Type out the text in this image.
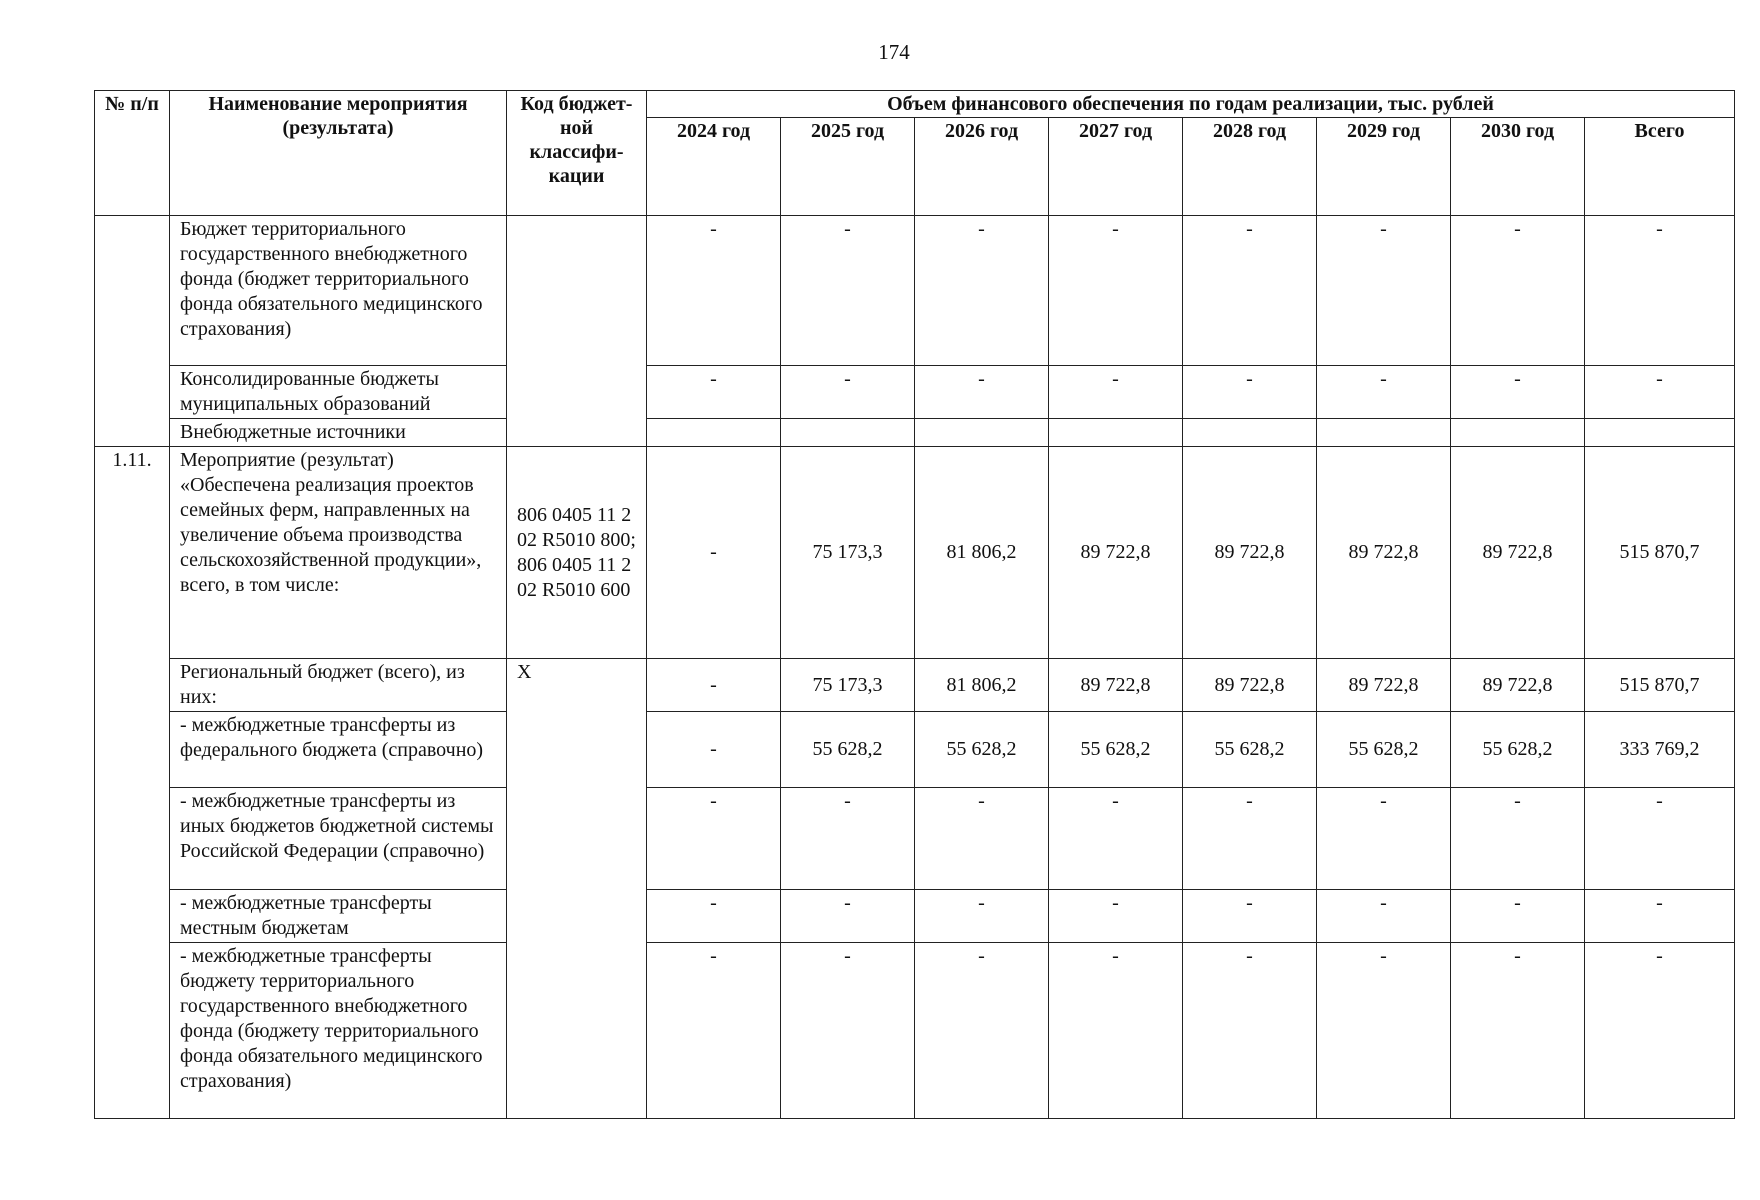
174
№ п/п	Наименование мероприятия (результата)	Код бюджет-ной классифи-кации	Объем финансового обеспечения по годам реализации, тыс. рублей							
			2024 год	2025 год	2026 год	2027 год	2028 год	2029 год	2030 год	Всего
	Бюджет территориального государственного внебюджетного фонда (бюджет территориального фонда обязательного медицинского страхования)		-	-	-	-	-	-	-	-
	Консолидированные бюджеты муниципальных образований		-	-	-	-	-	-	-	-
	Внебюджетные источники									
1.11.	Мероприятие (результат) «Обеспечена реализация проектов семейных ферм, направленных на увеличение объема производства сельскохозяйственной продукции», всего, в том числе:	806 0405 11 2 02 R5010 800; 806 0405 11 2 02 R5010 600	-	75 173,3	81 806,2	89 722,8	89 722,8	89 722,8	89 722,8	515 870,7
	Региональный бюджет (всего), из них:	X	-	75 173,3	81 806,2	89 722,8	89 722,8	89 722,8	89 722,8	515 870,7
	- межбюджетные трансферты из федерального бюджета (справочно)		-	55 628,2	55 628,2	55 628,2	55 628,2	55 628,2	55 628,2	333 769,2
	- межбюджетные трансферты из иных бюджетов бюджетной системы Российской Федерации (справочно)		-	-	-	-	-	-	-	-
	- межбюджетные трансферты местным бюджетам		-	-	-	-	-	-	-	-
	- межбюджетные трансферты бюджету территориального государственного внебюджетного фонда (бюджету территориального фонда обязательного медицинского страхования)		-	-	-	-	-	-	-	-
